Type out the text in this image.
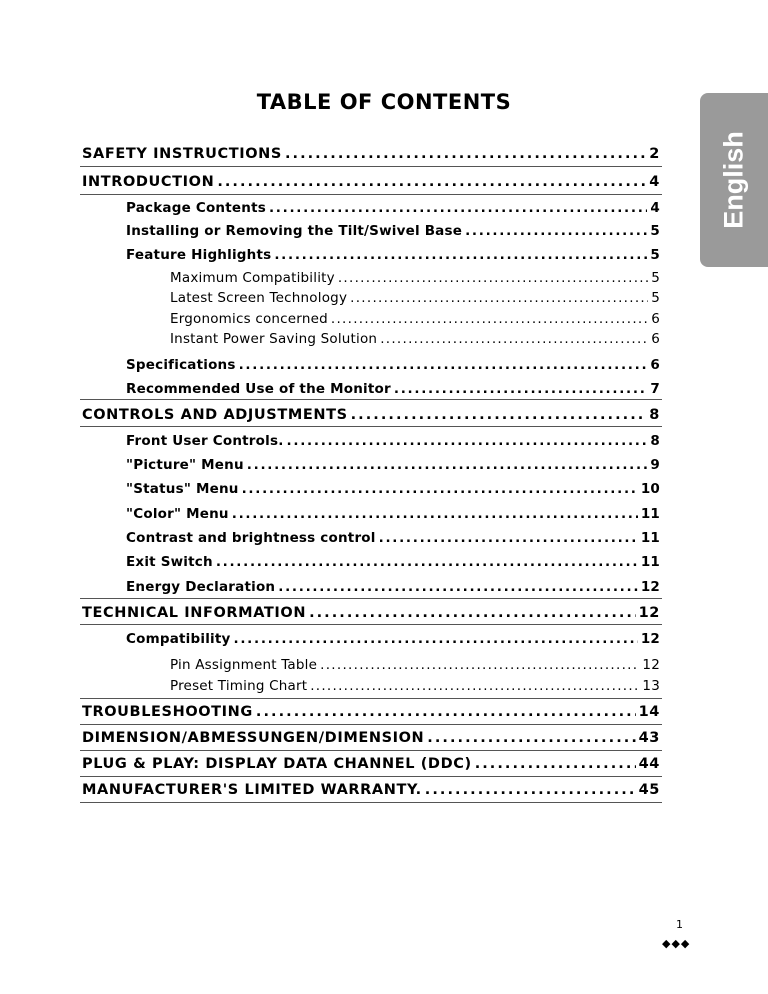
TABLE OF CONTENTS
English
SAFETY INSTRUCTIONS . . .	2
INTRODUCTION . . .	4
Package Contents . . .	4
Installing or Removing the Tilt/Swivel Base . . .	5
Feature Highlights . . .	5
Maximum Compatibility . . .	5
Latest Screen Technology . . .	5
Ergonomics concerned . . .	6
Instant Power Saving Solution . . .	6
Specifications . . .	6
Recommended Use of the Monitor . . .	7
CONTROLS AND ADJUSTMENTS . . .	8
Front User Controls. . . .	8
"Picture" Menu . . .	9
"Status" Menu . . .	10
"Color" Menu . . .	11
Contrast and brightness control . . .	11
Exit Switch . . .	11
Energy Declaration . . .	12
TECHNICAL INFORMATION . . .	12
Compatibility . . .	12
Pin Assignment Table . . .	12
Preset Timing Chart . . .	13
TROUBLESHOOTING . . .	14
DIMENSION/ABMESSUNGEN/DIMENSION . . .	43
PLUG & PLAY: DISPLAY DATA CHANNEL (DDC) . . .	44
MANUFACTURER'S LIMITED WARRANTY. . . .	45
1
◆◆◆
